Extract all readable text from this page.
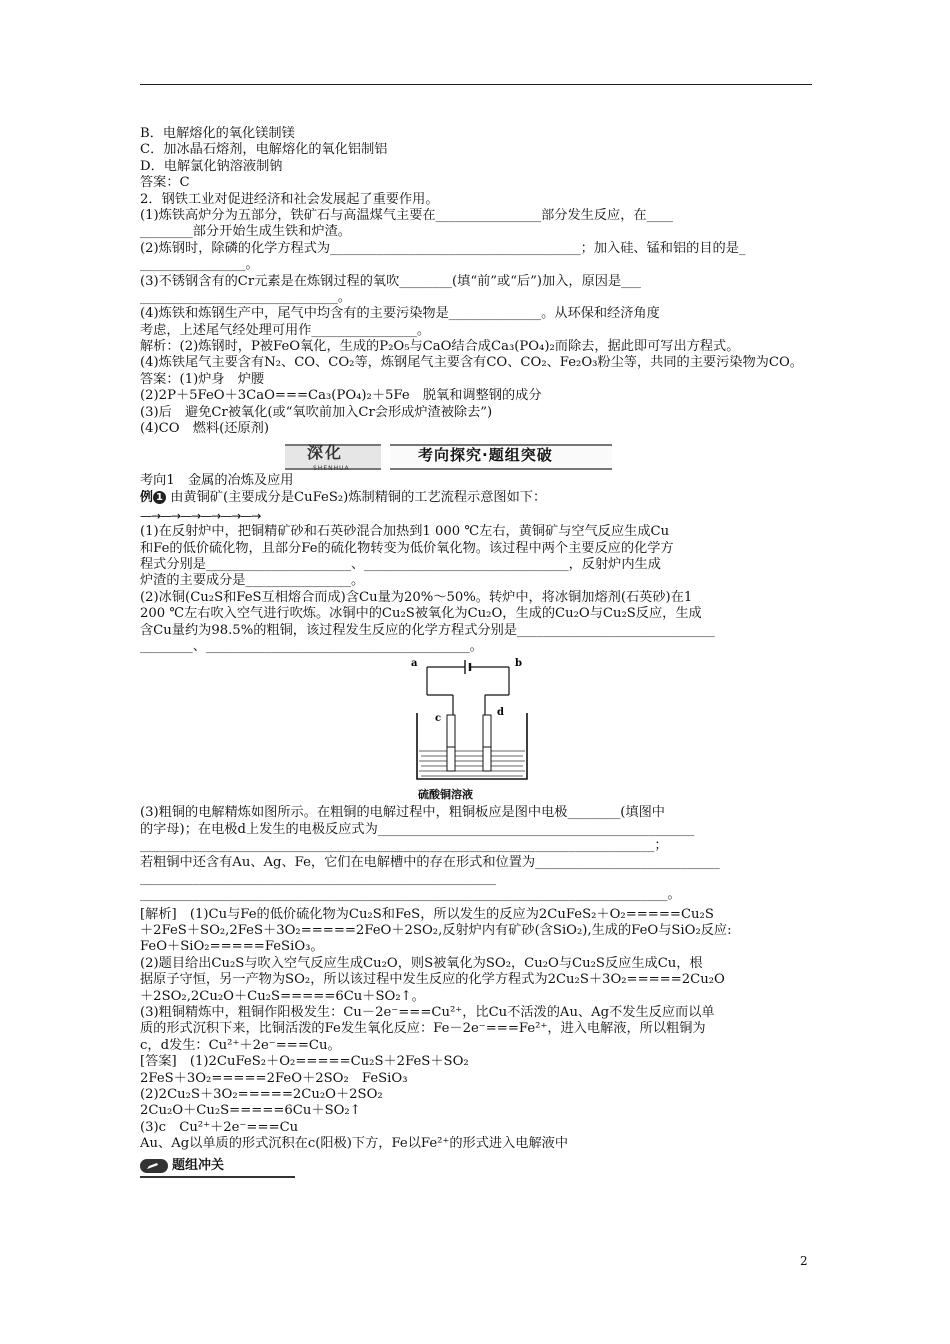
B．电解熔化的氧化镁制镁
C．加冰晶石熔剂，电解熔化的氧化铝制铝
D．电解氯化钠溶液制钠
答案：C
2．钢铁工业对促进经济和社会发展起了重要作用。
(1)炼铁高炉分为五部分，铁矿石与高温煤气主要在________________部分发生反应，在____
________部分开始生成生铁和炉渣。
(2)炼钢时，除磷的化学方程式为______________________________________；加入硅、锰和铝的目的是_
________________。
(3)不锈钢含有的Cr元素是在炼钢过程的氧吹________(填“前”或“后”)加入，原因是___
______________________________。
(4)炼铁和炼钢生产中，尾气中均含有的主要污染物是______________。从环保和经济角度
考虑，上述尾气经处理可用作________________。
解析：(2)炼钢时，P被FeO氧化，生成的P₂O₅与CaO结合成Ca₃(PO₄)₂而除去，据此即可写出方程式。
(4)炼铁尾气主要含有N₂、CO、CO₂等，炼钢尾气主要含有CO、CO₂、Fe₂O₃粉尘等，共同的主要污染物为CO。
答案：(1)炉身　炉腰
(2)2P＋5FeO＋3CaO===Ca₃(PO₄)₂＋5Fe　脱氧和调整钢的成分
(3)后　避免Cr被氧化(或“氧吹前加入Cr会形成炉渣被除去”)
(4)CO　燃料(还原剂)
深化
SHENHUA
考向探究·题组突破
考向1　金属的冶炼及应用
例 1 由黄铜矿(主要成分是CuFeS₂)炼制精铜的工艺流程示意图如下：
—→—→—→—→—→—→
(1)在反射炉中，把铜精矿砂和石英砂混合加热到1 000 ℃左右，黄铜矿与空气反应生成Cu
和Fe的低价硫化物，且部分Fe的硫化物转变为低价氧化物。该过程中两个主要反应的化学方
程式分别是______________________、_______________________________，反射炉内生成
炉渣的主要成分是________________。
(2)冰铜(Cu₂S和FeS互相熔合而成)含Cu量为20%～50%。转炉中，将冰铜加熔剂(石英砂)在1
200 ℃左右吹入空气进行吹炼。冰铜中的Cu₂S被氧化为Cu₂O，生成的Cu₂O与Cu₂S反应，生成
含Cu量约为98.5%的粗铜，该过程发生反应的化学方程式分别是______________________________
________、________________________________________。
a	b
c
d
硫酸铜溶液
(3)粗铜的电解精炼如图所示。在粗铜的电解过程中，粗铜板应是图中电极________(填图中
的字母)；在电极d上发生的电极反应式为________________________________________________
______________________________________________________________________________；
若粗铜中还含有Au、Ag、Fe，它们在电解槽中的存在形式和位置为____________________________
______________________________________________________
________________________________________________________________________________。
[解析]　(1)Cu与Fe的低价硫化物为Cu₂S和FeS，所以发生的反应为2CuFeS₂＋O₂=====Cu₂S
＋2FeS＋SO₂,2FeS＋3O₂=====2FeO＋2SO₂,反射炉内有矿砂(含SiO₂),生成的FeO与SiO₂反应:
FeO＋SiO₂=====FeSiO₃。
(2)题目给出Cu₂S与吹入空气反应生成Cu₂O，则S被氧化为SO₂，Cu₂O与Cu₂S反应生成Cu，根
据原子守恒，另一产物为SO₂，所以该过程中发生反应的化学方程式为2Cu₂S＋3O₂=====2Cu₂O
＋2SO₂,2Cu₂O＋Cu₂S=====6Cu＋SO₂↑。
(3)粗铜精炼中，粗铜作阳极发生：Cu－2e⁻===Cu²⁺，比Cu不活泼的Au、Ag不发生反应而以单
质的形式沉积下来，比铜活泼的Fe发生氧化反应：Fe－2e⁻===Fe²⁺，进入电解液，所以粗铜为
c，d发生：Cu²⁺＋2e⁻===Cu。
[答案]　(1)2CuFeS₂＋O₂=====Cu₂S＋2FeS＋SO₂
2FeS＋3O₂=====2FeO＋2SO₂　FeSiO₃
(2)2Cu₂S＋3O₂=====2Cu₂O＋2SO₂
2Cu₂O＋Cu₂S=====6Cu＋SO₂↑
(3)c　Cu²⁺＋2e⁻===Cu
Au、Ag以单质的形式沉积在c(阳极)下方，Fe以Fe²⁺的形式进入电解液中
题组冲关
2
